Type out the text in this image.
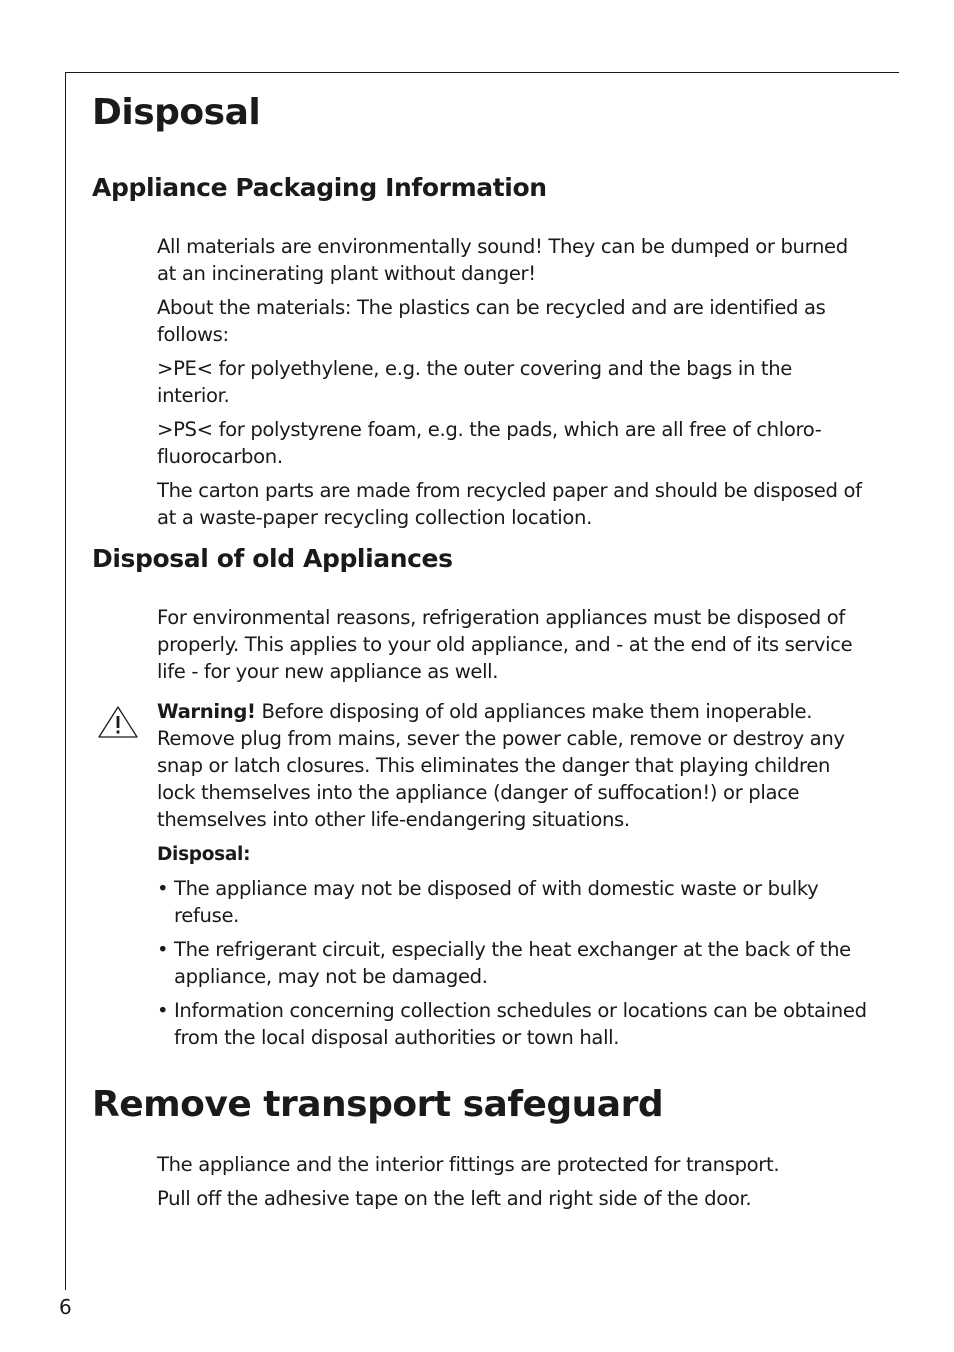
Disposal
Appliance Packaging Information

All materials are environmentally sound! They can be dumped or burned at an incinerating plant without danger!

About the materials: The plastics can be recycled and are identified as follows:

>PE< for polyethylene, e.g. the outer covering and the bags in the interior.

>PS< for polystyrene foam, e.g. the pads, which are all free of chloro-fluorocarbon.

The carton parts are made from recycled paper and should be disposed of at a waste-paper recycling collection location.

Disposal of old Appliances

For environmental reasons, refrigeration appliances must be disposed of properly. This applies to your old appliance, and - at the end of its service life - for your new appliance as well.

Warning! Before disposing of old appliances make them inoperable. Remove plug from mains, sever the power cable, remove or destroy any snap or latch closures. This eliminates the danger that playing children lock themselves into the appliance (danger of suffocation!) or place themselves into other life-endangering situations.

Disposal:

• The appliance may not be disposed of with domestic waste or bulky refuse.
• The refrigerant circuit, especially the heat exchanger at the back of the appliance, may not be damaged.
• Information concerning collection schedules or locations can be obtained from the local disposal authorities or town hall.
Remove transport safeguard

The appliance and the interior fittings are protected for transport.

Pull off the adhesive tape on the left and right side of the door.

6
